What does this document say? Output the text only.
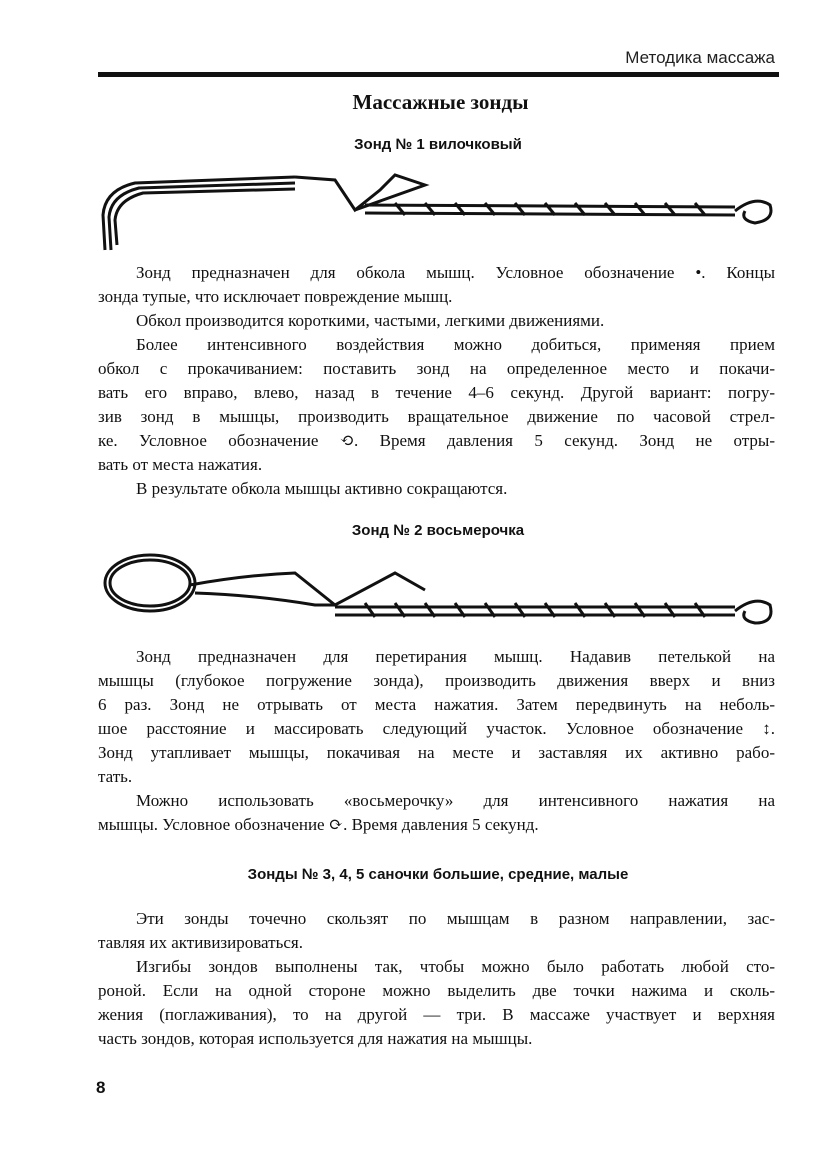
Методика массажа
Массажные зонды
Зонд № 1 вилочковый
Зонд предназначен для обкола мышц. Условное обозначение •. Концы
зонда тупые, что исключает повреждение мышц.
Обкол производится короткими, частыми, легкими движениями.
Более интенсивного воздействия можно добиться, применяя прием
обкол с прокачиванием: поставить зонд на определенное место и покачи-
вать его вправо, влево, назад в течение 4–6 секунд. Другой вариант: погру-
зив зонд в мышцы, производить вращательное движение по часовой стрел-
ке. Условное обозначение ⟲. Время давления 5 секунд. Зонд не отры-
вать от места нажатия.
В результате обкола мышцы активно сокращаются.
Зонд № 2 восьмерочка
Зонд предназначен для перетирания мышц. Надавив петелькой на
мышцы (глубокое погружение зонда), производить движения вверх и вниз
6 раз. Зонд не отрывать от места нажатия. Затем передвинуть на неболь-
шое расстояние и массировать следующий участок. Условное обозначение ↕.
Зонд утапливает мышцы, покачивая на месте и заставляя их активно рабо-
тать.
Можно использовать «восьмерочку» для интенсивного нажатия на
мышцы. Условное обозначение ⟳. Время давления 5 секунд.
Зонды № 3, 4, 5 саночки большие, средние, малые
Эти зонды точечно скользят по мышцам в разном направлении, зас-
тавляя их активизироваться.
Изгибы зондов выполнены так, чтобы можно было работать любой сто-
роной. Если на одной стороне можно выделить две точки нажима и сколь-
жения (поглаживания), то на другой — три. В массаже участвует и верхняя
часть зондов, которая используется для нажатия на мышцы.
8
